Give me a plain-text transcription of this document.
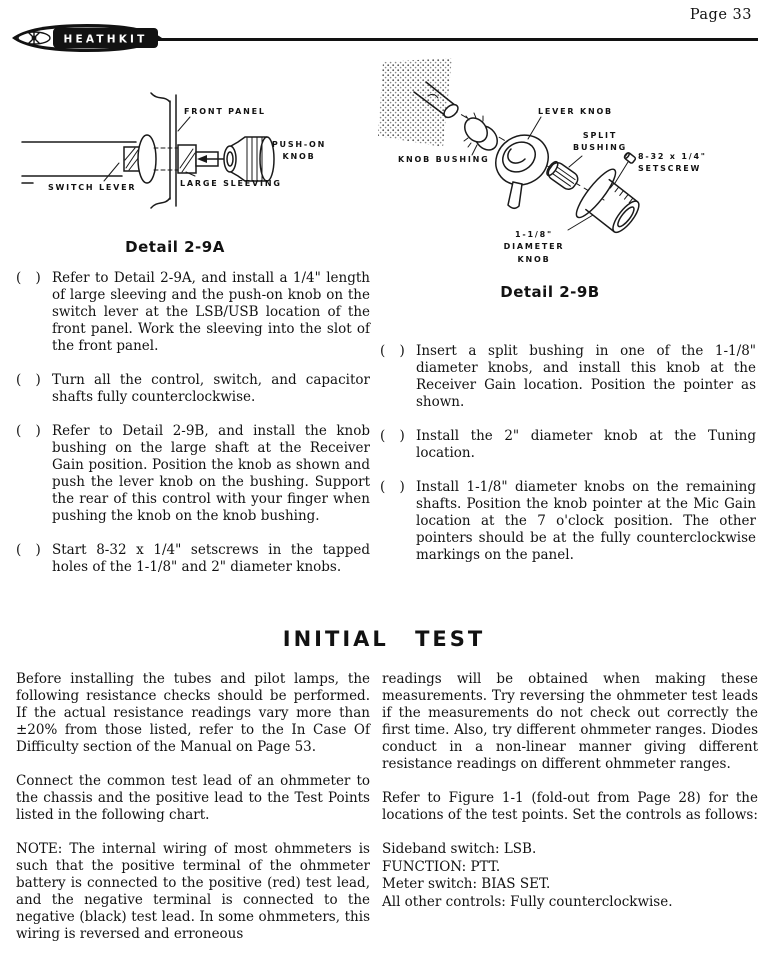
Page 33
HEATHKIT
FRONT PANEL
PUSH-ON
KNOB
SWITCH LEVER	LARGE SLEEVING
Detail 2-9A
LEVER KNOB
SPLIT
BUSHING
KNOB BUSHING	8-32 x 1/4"
SETSCREW
1-1/8" DIAMETER
KNOB
Detail 2-9B
( ) Refer to Detail 2-9A, and install a 1/4" length of large sleeving and the push-on knob on the switch lever at the LSB/USB location of the front panel. Work the sleeving into the slot of the front panel.
( ) Turn all the control, switch, and capacitor shafts fully counterclockwise.
( ) Refer to Detail 2-9B, and install the knob bushing on the large shaft at the Receiver Gain position. Position the knob as shown and push the lever knob on the bushing. Support the rear of this control with your finger when pushing the knob on the knob bushing.
( ) Start 8-32 x 1/4" setscrews in the tapped holes of the 1-1/8" and 2" diameter knobs.
( ) Insert a split bushing in one of the 1-1/8" diameter knobs, and install this knob at the Receiver Gain location. Position the pointer as shown.
( ) Install the 2" diameter knob at the Tuning location.
( ) Install 1-1/8" diameter knobs on the remaining shafts. Position the knob pointer at the Mic Gain location at the 7 o'clock position. The other pointers should be at the fully counterclockwise markings on the panel.
INITIAL TEST

Before installing the tubes and pilot lamps, the following resistance checks should be performed. If the actual resistance readings vary more than ±20% from those listed, refer to the In Case Of Difficulty section of the Manual on Page 53.

Connect the common test lead of an ohmmeter to the chassis and the positive lead to the Test Points listed in the following chart.

NOTE: The internal wiring of most ohmmeters is such that the positive terminal of the ohmmeter battery is connected to the positive (red) test lead, and the negative terminal is connected to the negative (black) test lead. In some ohmmeters, this wiring is reversed and erroneous

readings will be obtained when making these measurements. Try reversing the ohmmeter test leads if the measurements do not check out correctly the first time. Also, try different ohmmeter ranges. Diodes conduct in a non-linear manner giving different resistance readings on different ohmmeter ranges.

Refer to Figure 1-1 (fold-out from Page 28) for the locations of the test points. Set the controls as follows:

Sideband switch: LSB.
FUNCTION: PTT.
Meter switch: BIAS SET.
All other controls: Fully counterclockwise.
